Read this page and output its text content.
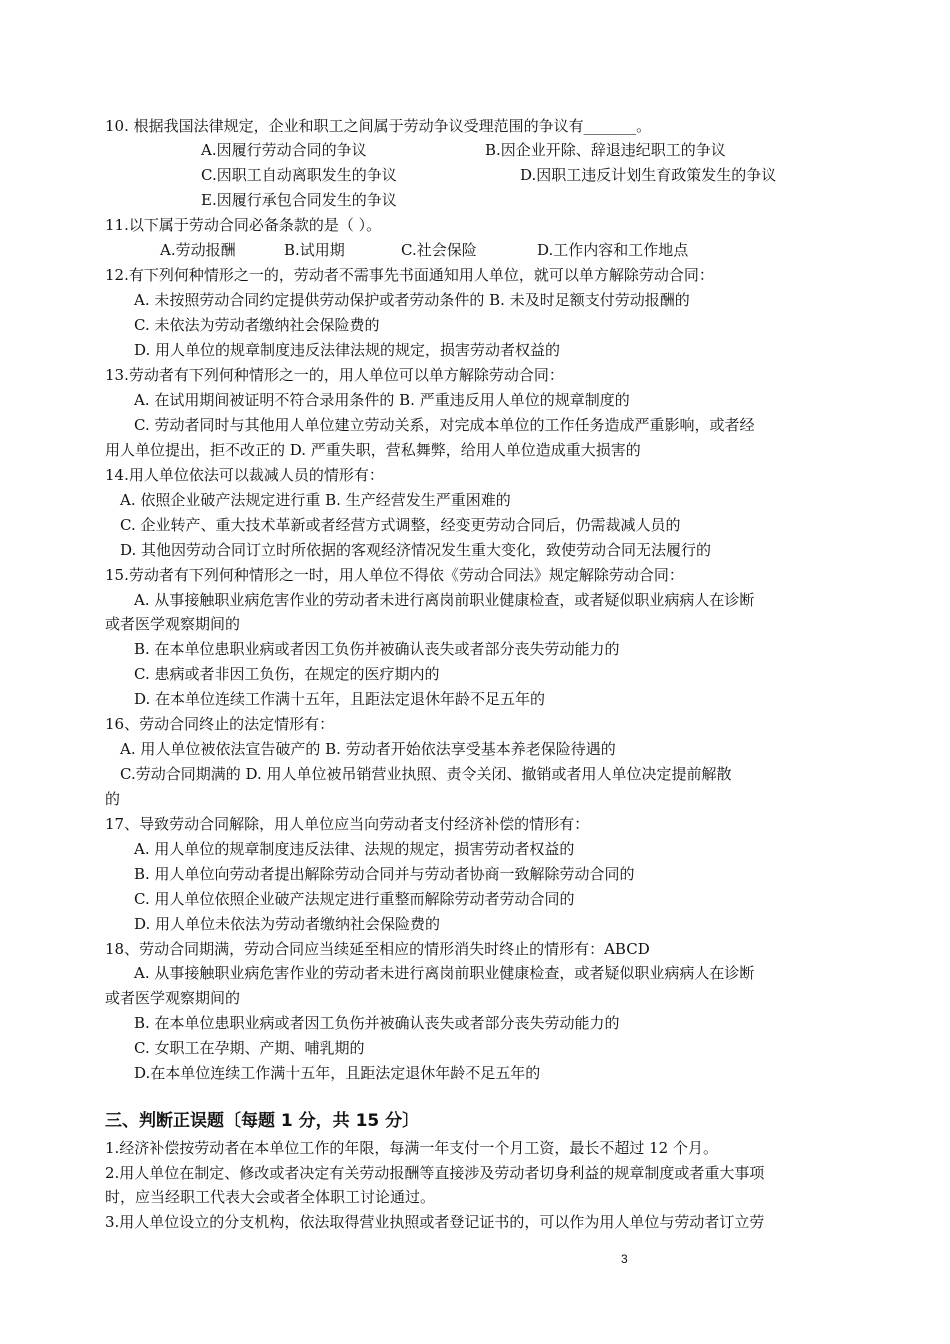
10. 根据我国法律规定，企业和职工之间属于劳动争议受理范围的争议有_______。
A.因履行劳动合同的争议	B.因企业开除、辞退违纪职工的争议
C.因职工自动离职发生的争议	D.因职工违反计划生育政策发生的争议
E.因履行承包合同发生的争议
11.以下属于劳动合同必备条款的是（ ）。
A.劳动报酬	B.试用期	C.社会保险	D.工作内容和工作地点
12.有下列何种情形之一的，劳动者不需事先书面通知用人单位，就可以单方解除劳动合同：
A. 未按照劳动合同约定提供劳动保护或者劳动条件的 B. 未及时足额支付劳动报酬的
C. 未依法为劳动者缴纳社会保险费的
D. 用人单位的规章制度违反法律法规的规定，损害劳动者权益的
13.劳动者有下列何种情形之一的，用人单位可以单方解除劳动合同：
A. 在试用期间被证明不符合录用条件的 B. 严重违反用人单位的规章制度的
C. 劳动者同时与其他用人单位建立劳动关系，对完成本单位的工作任务造成严重影响，或者经
用人单位提出，拒不改正的 D. 严重失职，营私舞弊，给用人单位造成重大损害的
14.用人单位依法可以裁减人员的情形有：
A. 依照企业破产法规定进行重 B. 生产经营发生严重困难的
C. 企业转产、重大技术革新或者经营方式调整，经变更劳动合同后，仍需裁减人员的
D. 其他因劳动合同订立时所依据的客观经济情况发生重大变化，致使劳动合同无法履行的
15.劳动者有下列何种情形之一时，用人单位不得依《劳动合同法》规定解除劳动合同：
A. 从事接触职业病危害作业的劳动者未进行离岗前职业健康检查，或者疑似职业病病人在诊断
或者医学观察期间的
B. 在本单位患职业病或者因工负伤并被确认丧失或者部分丧失劳动能力的
C. 患病或者非因工负伤，在规定的医疗期内的
D. 在本单位连续工作满十五年，且距法定退休年龄不足五年的
16、劳动合同终止的法定情形有：
A. 用人单位被依法宣告破产的 B. 劳动者开始依法享受基本养老保险待遇的
C.劳动合同期满的 D. 用人单位被吊销营业执照、责令关闭、撤销或者用人单位决定提前解散
的
17、导致劳动合同解除，用人单位应当向劳动者支付经济补偿的情形有：
A. 用人单位的规章制度违反法律、法规的规定，损害劳动者权益的
B. 用人单位向劳动者提出解除劳动合同并与劳动者协商一致解除劳动合同的
C. 用人单位依照企业破产法规定进行重整而解除劳动者劳动合同的
D. 用人单位未依法为劳动者缴纳社会保险费的
18、劳动合同期满，劳动合同应当续延至相应的情形消失时终止的情形有：ABCD
A. 从事接触职业病危害作业的劳动者未进行离岗前职业健康检查，或者疑似职业病病人在诊断
或者医学观察期间的
B. 在本单位患职业病或者因工负伤并被确认丧失或者部分丧失劳动能力的
C. 女职工在孕期、产期、哺乳期的
D.在本单位连续工作满十五年，且距法定退休年龄不足五年的
三、判断正误题〔每题 1 分，共 15 分〕
1.经济补偿按劳动者在本单位工作的年限，每满一年支付一个月工资，最长不超过 12 个月。
2.用人单位在制定、修改或者决定有关劳动报酬等直接涉及劳动者切身利益的规章制度或者重大事项
时，应当经职工代表大会或者全体职工讨论通过。
3.用人单位设立的分支机构，依法取得营业执照或者登记证书的，可以作为用人单位与劳动者订立劳
3
